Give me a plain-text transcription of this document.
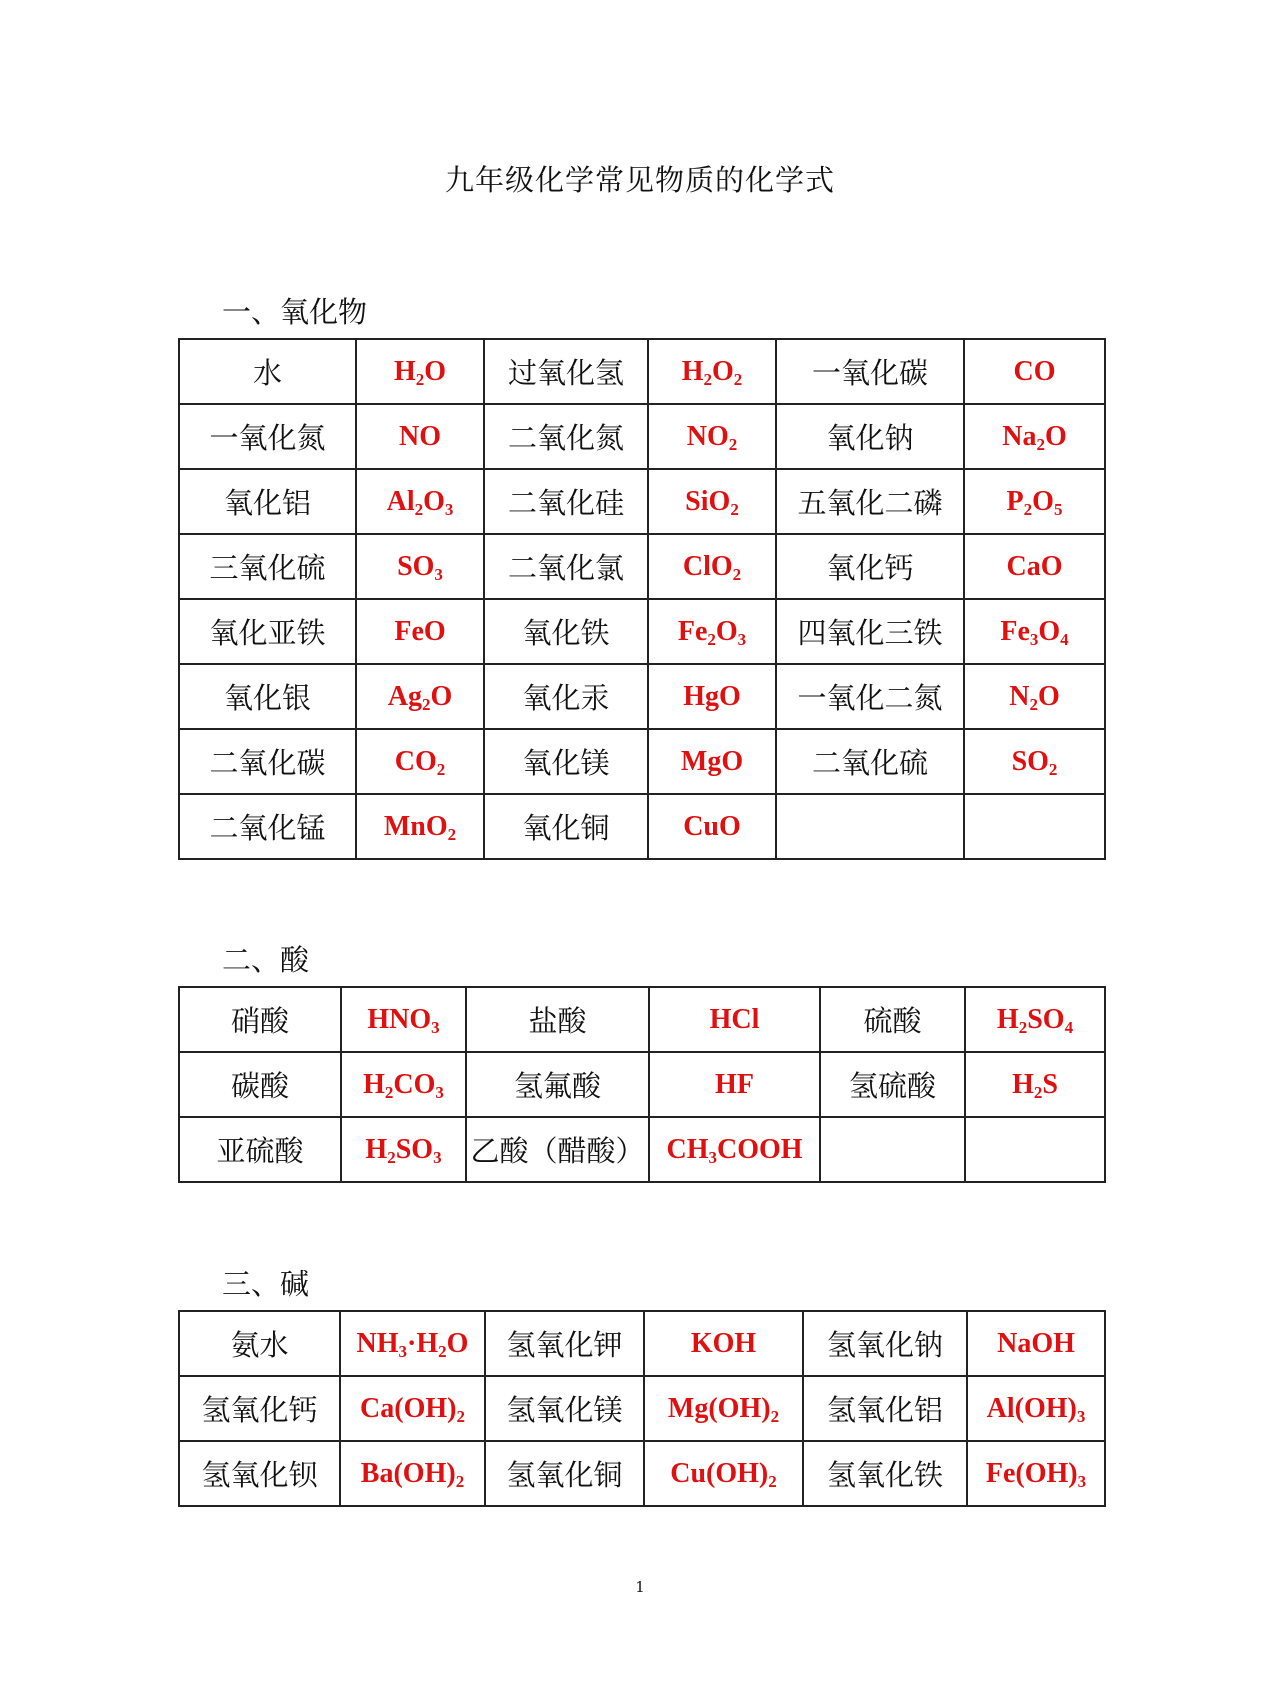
九年级化学常见物质的化学式
一、氧化物
水	$H_2O$	过氧化氢	$H_2O_2$	一氧化碳	CO
一氧化氮	NO	二氧化氮	$NO_2$	氧化钠	$Na_2O$
氧化铝	$Al_2O_3$	二氧化硅	SiO$_2$	五氧化二磷	$P_2O_5$
三氧化硫	$SO_3$	二氧化氯	ClO$_2$	氧化钙	CaO
氧化亚铁	FeO	氧化铁	$Fe_2O_3$	四氧化三铁	$Fe_3O_4$
氧化银	$Ag_2O$	氧化汞	HgO	一氧化二氮	$N_2O$
二氧化碳	$CO_2$	氧化镁	MgO	二氧化硫	$SO_2$
二氧化锰	MnO$_2$	氧化铜	CuO		
二、酸
硝酸	$HNO_3$	盐酸	HCl	硫酸	$H_2SO_4$
碳酸	$H_2CO_3$	氢氟酸	HF	氢硫酸	$H_2S$
亚硫酸	$H_2SO_3$	乙酸（醋酸）	$CH_3COOH$		
三、碱
氨水	$NH_3\cdot H_2O$	氢氧化钾	KOH	氢氧化钠	NaOH
氢氧化钙	$Ca(OH)_2$	氢氧化镁	$Mg(OH)_2$	氢氧化铝	$Al(OH)_3$
氢氧化钡	$Ba(OH)_2$	氢氧化铜	$Cu(OH)_2$	氢氧化铁	$Fe(OH)_3$
1
